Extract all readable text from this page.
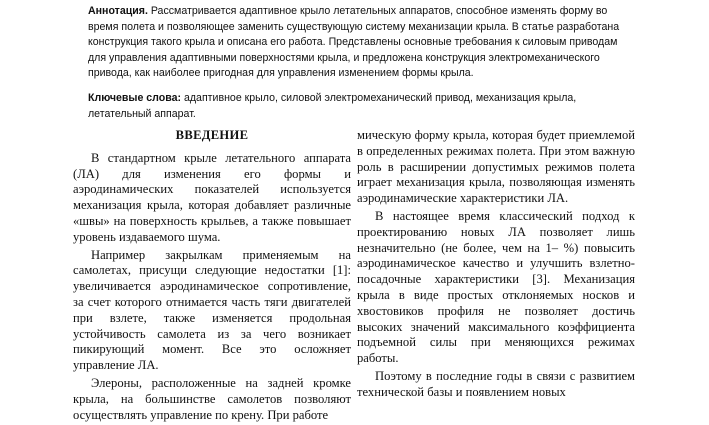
Аннотация. Рассматривается адаптивное крыло летательных аппаратов, способное изменять форму во время полета и позволяющее заменить существующую систему механизации крыла. В статье разработана конструкция такого крыла и описана его работа. Представлены основные требования к силовым приводам для управления адаптивными поверхностями крыла, и предложена конструкция электромеханического привода, как наиболее пригодная для управления изменением формы крыла.

Ключевые слова: адаптивное крыло, силовой электромеханический привод, механизация крыла, летательный аппарат.

ВВЕДЕНИЕ

В стандартном крыле летательного аппарата (ЛА) для изменения его формы и аэродинамических показателей используется механизация крыла, которая добавляет различные «швы» на поверхность крыльев, а также повышает уровень издаваемого шума.

Например закрылкам применяемым на самолетах, присущи следующие недостатки [1]: увеличивается аэродинамическое сопротивление, за счет которого отнимается часть тяги двигателей при взлете, также изменяется продольная устойчивость самолета из за чего возникает пикирующий момент. Все это осложняет управление ЛА.

Элероны, расположенные на задней кромке крыла, на большинстве самолетов позволяют осуществлять управление по крену. При работе

мическую форму крыла, которая будет приемлемой в определенных режимах полета. При этом важную роль в расширении допустимых режимов полета играет механизация крыла, позволяющая изменять аэродинамические характеристики ЛА.

В настоящее время классический подход к проектированию новых ЛА позволяет лишь незначительно (не более, чем на 1– %) повысить аэродинамическое качество и улучшить взлетно-посадочные характеристики [3]. Механизация крыла в виде простых отклоняемых носков и хвостовиков профиля не позволяет достичь высоких значений максимального коэффициента подъемной силы при меняющихся режимах работы.

Поэтому в последние годы в связи с развитием технической базы и появлением новых
